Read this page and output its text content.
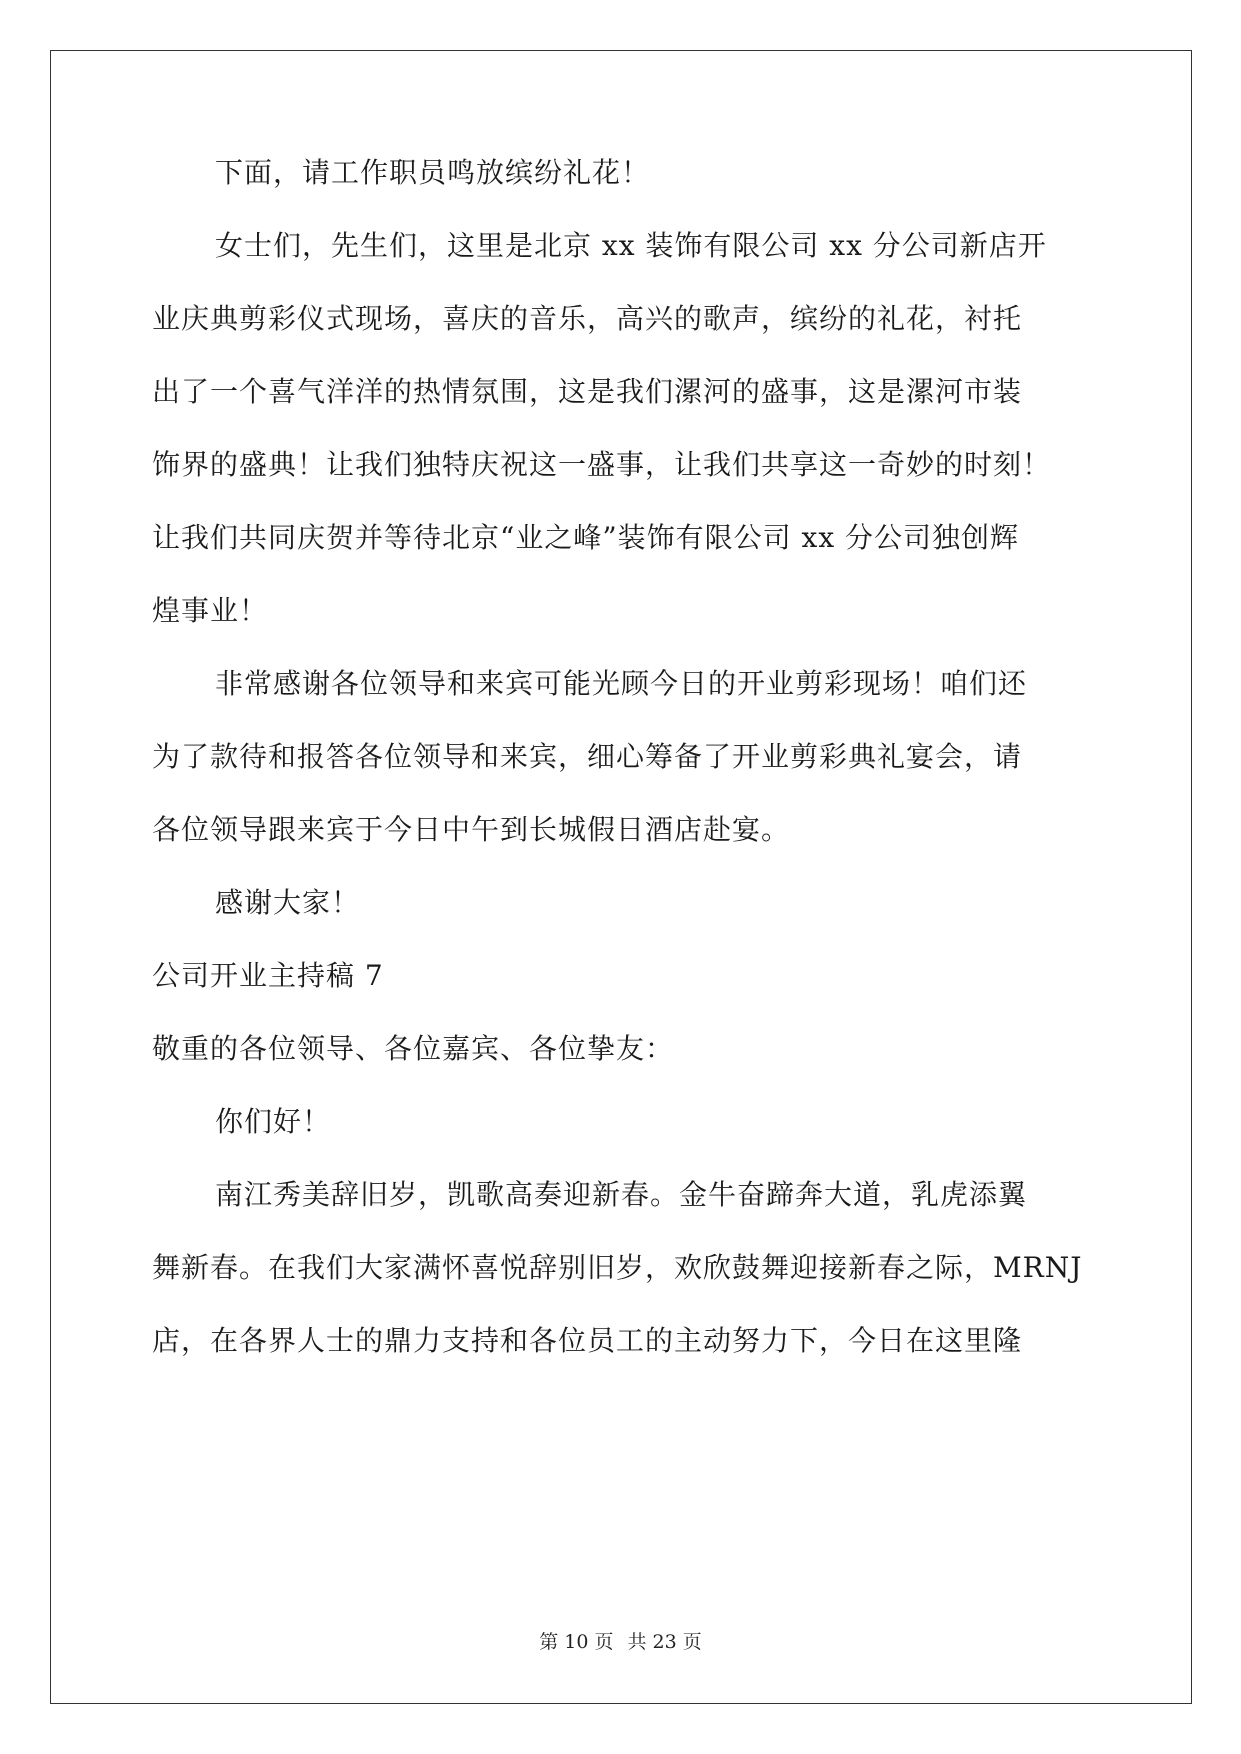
下面，请工作职员鸣放缤纷礼花！
女士们，先生们，这里是北京 xx 装饰有限公司 xx 分公司新店开
业庆典剪彩仪式现场，喜庆的音乐，高兴的歌声，缤纷的礼花，衬托
出了一个喜气洋洋的热情氛围，这是我们漯河的盛事，这是漯河市装
饰界的盛典！让我们独特庆祝这一盛事，让我们共享这一奇妙的时刻！
让我们共同庆贺并等待北京“业之峰”装饰有限公司 xx 分公司独创辉
煌事业！
非常感谢各位领导和来宾可能光顾今日的开业剪彩现场！咱们还
为了款待和报答各位领导和来宾，细心筹备了开业剪彩典礼宴会，请
各位领导跟来宾于今日中午到长城假日酒店赴宴。
感谢大家！
公司开业主持稿 7
敬重的各位领导、各位嘉宾、各位挚友：
你们好！
南江秀美辞旧岁，凯歌高奏迎新春。金牛奋蹄奔大道，乳虎添翼
舞新春。在我们大家满怀喜悦辞别旧岁，欢欣鼓舞迎接新春之际，MRNJ
店，在各界人士的鼎力支持和各位员工的主动努力下，今日在这里隆
第 10 页 共 23 页
